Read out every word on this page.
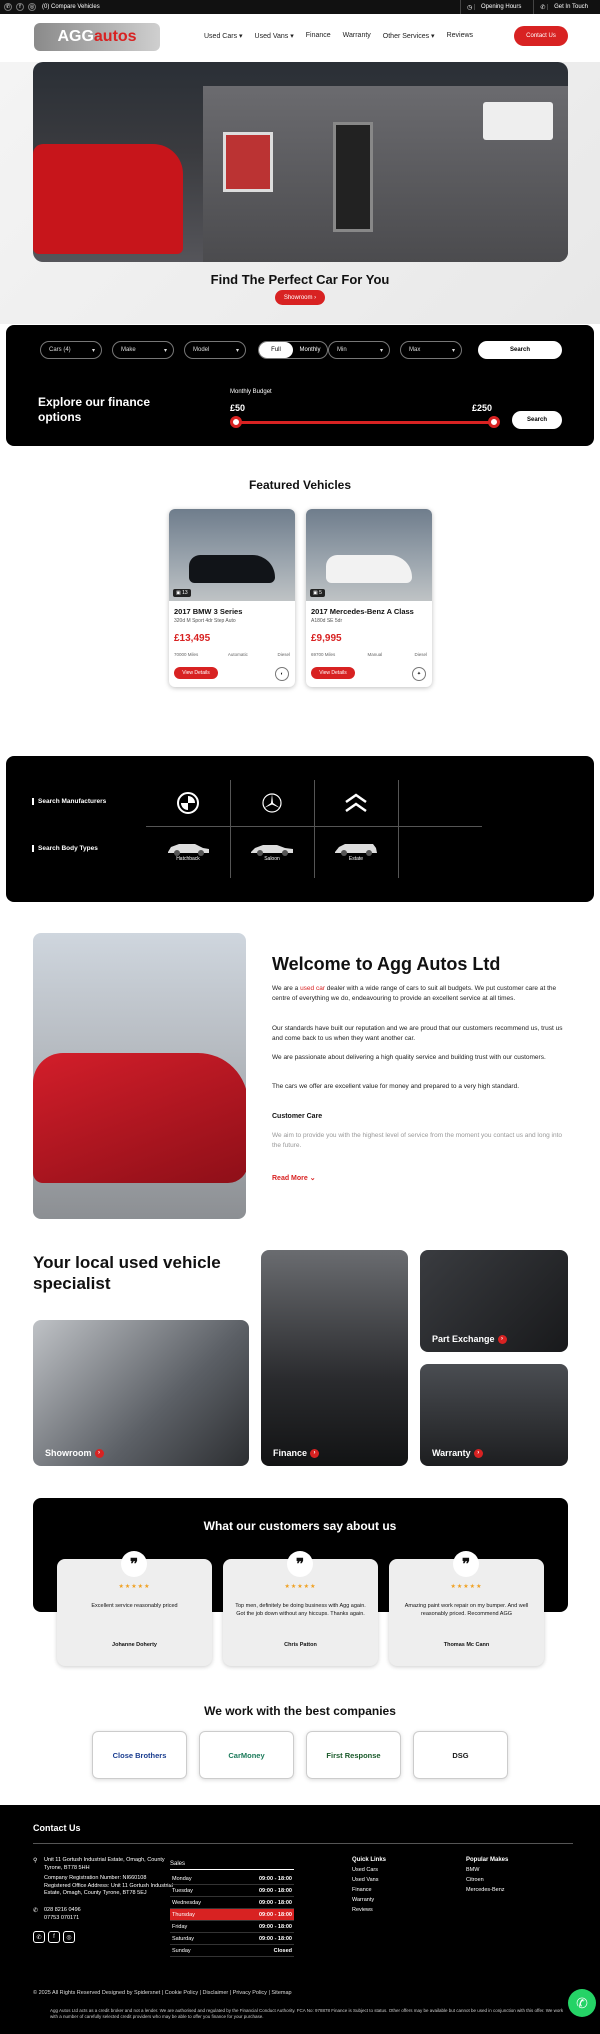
✆	f	◎	(0) Compare Vehicles	◷	Opening Hours	✆	Get In Touch
AGG autos	Used Cars ▾ Used Vans ▾ Finance Warranty Other Services ▾ Reviews	Contact Us
Find The Perfect Car For You
Showroom ›
Cars (4) ▾	Make ▾	Model ▾	Full	Monthly	Min ▾	Max ▾	Search
Explore our finance options
Monthly Budget
£50	£250
Search
Featured Vehicles
▣ 13
2017 BMW 3 Series
320d M Sport 4dr Step Auto
£13,495
70000 Miles	Automatic	Diesel
View Details	◐
▣ 5
2017 Mercedes-Benz A Class
A180d SE 5dr
£9,995
69700 Miles	Manual	Diesel
View Details	✦
Search Manufacturers
Search Body Types
Hatchback	Saloon	Estate
Welcome to Agg Autos Ltd
We are a used car dealer with a wide range of cars to suit all budgets. We put customer care at the centre of everything we do, endeavouring to provide an excellent service at all times.
Our standards have built our reputation and we are proud that our customers recommend us, trust us and come back to us when they want another car.
We are passionate about delivering a high quality service and building trust with our customers.
The cars we offer are excellent value for money and prepared to a very high standard.
Customer Care
We aim to provide you with the highest level of service from the moment you contact us and long into the future.
Read More ⌄
Your local used vehicle specialist
Showroom	›	Finance	›
Part Exchange	›
Warranty	›
What our customers say about us
❞
★★★★★
Excellent service reasonably priced
Johanne Doherty
❞
★★★★★
Top men, definitely be doing business with Agg again. Got the job down without any hiccups. Thanks again.
Chris Patton
❞
★★★★★
Amazing paint work repair on my bumper. And well reasonably priced. Recommend AGG
Thomas Mc Cann
We work with the best companies
Close Brothers	CarMoney	First Response	DSG
Contact Us
⚲ Unit 11 Gortush Industrial Estate, Omagh, County Tyrone, BT78 5HH
Company Registration Number: NI660108 Registered Office Address: Unit 11 Gortush Industrial Estate, Omagh, County Tyrone, BT78 5EJ
✆ 028 8216 0496
07753 070171
✆	f	◎
Sales
Monday	09:00 - 18:00
Tuesday	09:00 - 18:00
Wednesday	09:00 - 18:00
Thursday	09:00 - 18:00
Friday	09:00 - 18:00
Saturday	09:00 - 18:00
Sunday	Closed
Quick Links
Used Cars
Used Vans
Finance
Warranty
Reviews
Popular Makes
BMW
Citroen
Mercedes-Benz
© 2025 All Rights Reserved Designed by Spidersnet | Cookie Policy | Disclaimer | Privacy Policy | Sitemap
Agg Autos Ltd acts as a credit broker and not a lender. We are authorised and regulated by the Financial Conduct Authority. FCA No: 978878 Finance is Subject to status. Other offers may be available but cannot be used in conjunction with this offer. We work with a number of carefully selected credit providers who may be able to offer you finance for your purchase.
✆
